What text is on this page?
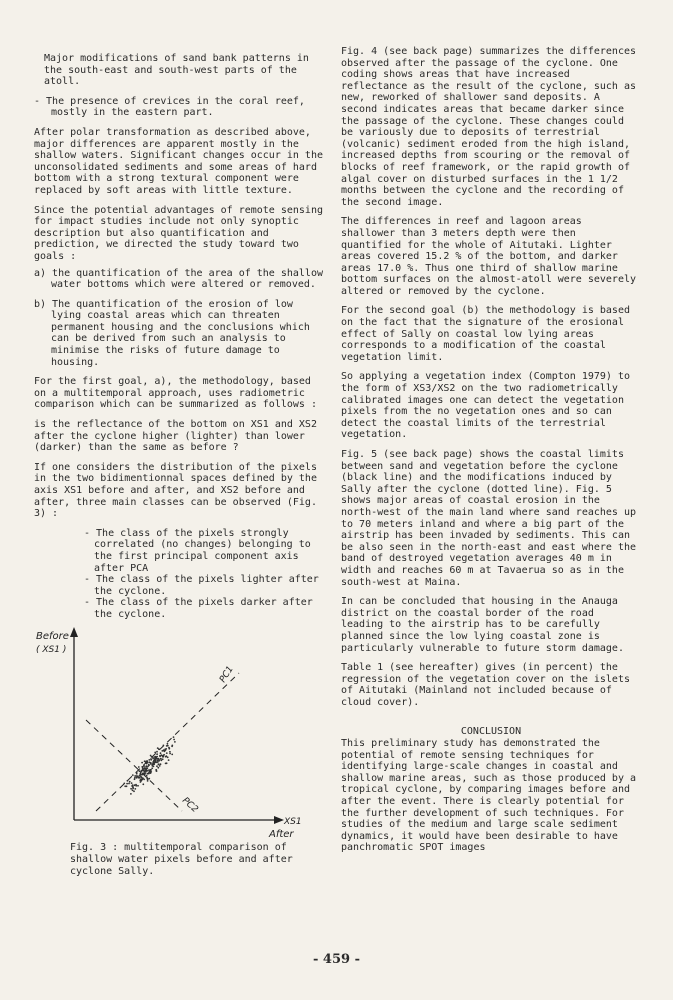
Major modifications of sand bank patterns in the south-east and south-west parts of the atoll.

- The presence of crevices in the coral reef, mostly in the eastern part.

After polar transformation as described above, major differences are apparent mostly in the shallow waters. Significant changes occur in the unconsolidated sediments and some areas of hard bottom with a strong textural component were replaced by soft areas with little texture.

Since the potential advantages of remote sensing for impact studies include not only synoptic description but also quantification and prediction, we directed the study toward two goals :

a) the quantification of the area of the shallow water bottoms which were altered or removed.

b) The quantification of the erosion of low lying coastal areas which can threaten permanent housing and the conclusions which can be derived from such an analysis to minimise the risks of future damage to housing.

For the first goal, a), the methodology, based on a multitemporal approach, uses radiometric comparison which can be summarized as follows :

is the reflectance of the bottom on XS1 and XS2 after the cyclone higher (lighter) than lower (darker) than the same as before ?

If one considers the distribution of the pixels in the two bidimentionnal spaces defined by the axis XS1 before and after, and XS2 before and after, three main classes can be observed (Fig. 3) :

- The class of the pixels strongly correlated (no changes) belonging to the first principal component axis after PCA

- The class of the pixels lighter after the cyclone.

- The class of the pixels darker after the cyclone.

Before
( XS1 )
XS1
After
PC1
PC2
Fig. 3 : multitemporal comparison of shallow water pixels before and after cyclone Sally.

Fig. 4 (see back page) summarizes the differences observed after the passage of the cyclone. One coding shows areas that have increased reflectance as the result of the cyclone, such as new, reworked of shallower sand deposits. A second indicates areas that became darker since the passage of the cyclone. These changes could be variously due to deposits of terrestrial (volcanic) sediment eroded from the high island, increased depths from scouring or the removal of blocks of reef framework, or the rapid growth of algal cover on disturbed surfaces in the 1 1/2 months between the cyclone and the recording of the second image.

The differences in reef and lagoon areas shallower than 3 meters depth were then quantified for the whole of Aitutaki. Lighter areas covered 15.2 % of the bottom, and darker areas 17.0 %. Thus one third of shallow marine bottom surfaces on the almost-atoll were severely altered or removed by the cyclone.

For the second goal (b) the methodology is based on the fact that the signature of the erosional effect of Sally on coastal low lying areas corresponds to a modification of the coastal vegetation limit.

So applying a vegetation index (Compton 1979) to the form of XS3/XS2 on the two radiometrically calibrated images one can detect the vegetation pixels from the no vegetation ones and so can detect the coastal limits of the terrestrial vegetation.

Fig. 5 (see back page) shows the coastal limits between sand and vegetation before the cyclone (black line) and the modifications induced by Sally after the cyclone (dotted line). Fig. 5 shows major areas of coastal erosion in the north-west of the main land where sand reaches up to 70 meters inland and where a big part of the airstrip has been invaded by sediments. This can be also seen in the north-east and east where the band of destroyed vegetation averages 40 m in width and reaches 60 m at Tavaerua so as in the south-west at Maina.

In can be concluded that housing in the Anauga district on the coastal border of the road leading to the airstrip has to be carefully planned since the low lying coastal zone is particularly vulnerable to future storm damage.

Table 1 (see hereafter) gives (in percent) the regression of the vegetation cover on the islets of Aitutaki (Mainland not included because of cloud cover).

CONCLUSION

This preliminary study has demonstrated the potential of remote sensing techniques for identifying large-scale changes in coastal and shallow marine areas, such as those produced by a tropical cyclone, by comparing images before and after the event. There is clearly potential for the further development of such techniques. For studies of the medium and large scale sediment dynamics, it would have been desirable to have panchromatic SPOT images

- 459 -
